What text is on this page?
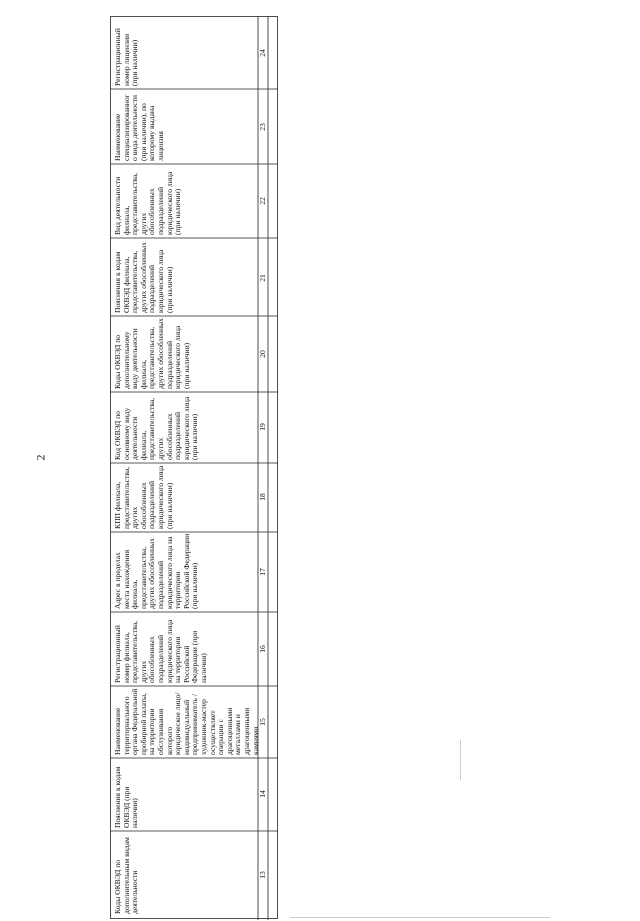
2
Регистрационный номер лицензии (при наличии)
Наименование специализированного вида деятельности (при наличии), по которому выдана лицензия
Вид деятельности филиала, представительства, других обособленных подразделений юридического лица (при наличии)
Пояснения к кодам ОКВЭД филиала, представительства, других обособленных подразделений юридического лица (при наличии)
Коды ОКВЭД по дополнительному виду деятельности филиала, представительства, других обособленных подразделений юридического лица (при наличии)
Код ОКВЭД по основному виду деятельности филиала, представительства, других обособленных подразделений юридического лица (при наличии)
КПП филиала, представительства, других обособленных подразделений юридического лица (при наличии)
Адрес в пределах места нахождения филиала, представительства, других обособленных подразделений юридического лица на территории Российской Федерации (при наличии)
Регистрационный номер филиала, представительства, других обособленных подразделений юридического лица на территории Российской Федерации (при наличии)
Наименование территориального органа Федеральной пробирной палаты, на территории обслуживания которого юридическое лицо/ индивидуальный предприниматель / художник-мастер осуществляет операции с драгоценными металлами и драгоценными камнями
Пояснения к кодам ОКВЭД (при наличии)
Коды ОКВЭД по дополнительным видам деятельности
24
23
22
21
20
19
18
17
16
15
14
13
